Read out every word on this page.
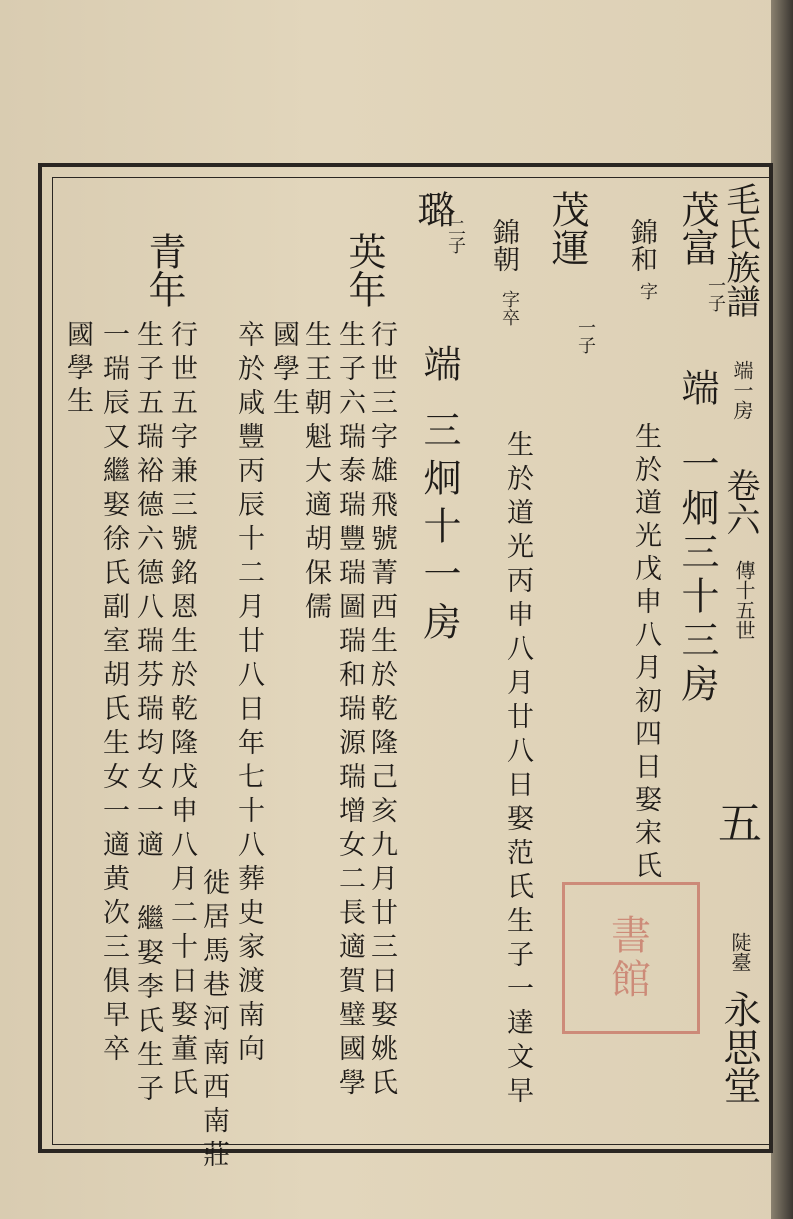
毛氏族譜
端一房
卷六
傳十五世
五
陡臺
永思堂
茂富
一子
端
一炯三十三房
錦和
字
生於道光戊申八月初四日娶宋氏
茂運
一子
錦朝
字卒
生於道光丙申八月廿八日娶范氏生子一達文早
璐
二子
端
三炯十一房
英年
行世三字雄飛號菁西生於乾隆己亥九月廿三日娶姚氏
生子六瑞泰瑞豐瑞圖瑞和瑞源瑞增女二長適賀璧國學
生王朝魁大適胡保儒
國學生
卒於咸豐丙辰十二月廿八日年七十八葬史家渡南向
徙居馬巷河南西南莊
青年
行世五字兼三號銘恩生於乾隆戊申八月二十日娶董氏
生子五瑞裕德六德八瑞芬瑞均女一適
繼娶李氏生子
一瑞辰又繼娶徐氏副室胡氏生女一適黄次三俱早卒
國學生
書館
